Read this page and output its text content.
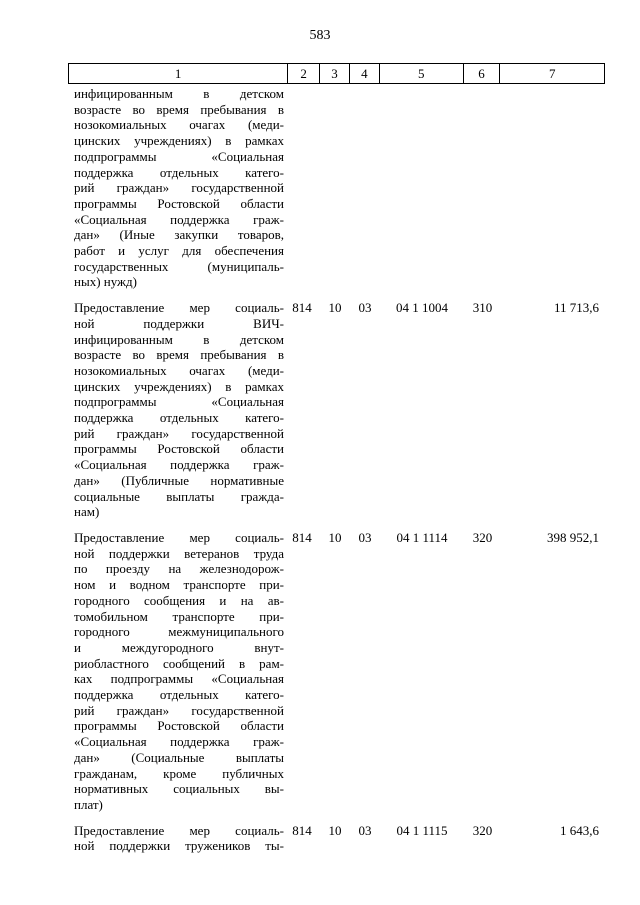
583
1	2	3	4	5	6	7
инфицированным в детском
возрасте во время пребывания в
нозокомиальных очагах (меди-
цинских учреждениях) в рамках
подпрограммы «Социальная
поддержка отдельных катего-
рий граждан» государственной
программы Ростовской области
«Социальная поддержка граж-
дан» (Иные закупки товаров,
работ и услуг для обеспечения
государственных (муниципаль-
ных) нужд)
Предоставление мер социаль-
ной поддержки ВИЧ-
инфицированным в детском
возрасте во время пребывания в
нозокомиальных очагах (меди-
цинских учреждениях) в рамках
подпрограммы «Социальная
поддержка отдельных катего-
рий граждан» государственной
программы Ростовской области
«Социальная поддержка граж-
дан» (Публичные нормативные
социальные выплаты гражда-
нам)
814	10	03	04 1 1004	310	11 713,6
Предоставление мер социаль-
ной поддержки ветеранов труда
по проезду на железнодорож-
ном и водном транспорте при-
городного сообщения и на ав-
томобильном транспорте при-
городного межмуниципального
и междугородного внут-
риобластного сообщений в рам-
ках подпрограммы «Социальная
поддержка отдельных катего-
рий граждан» государственной
программы Ростовской области
«Социальная поддержка граж-
дан» (Социальные выплаты
гражданам, кроме публичных
нормативных социальных вы-
плат)
814	10	03	04 1 1114	320	398 952,1
Предоставление мер социаль-
ной поддержки тружеников ты-
814	10	03	04 1 1115	320	1 643,6
